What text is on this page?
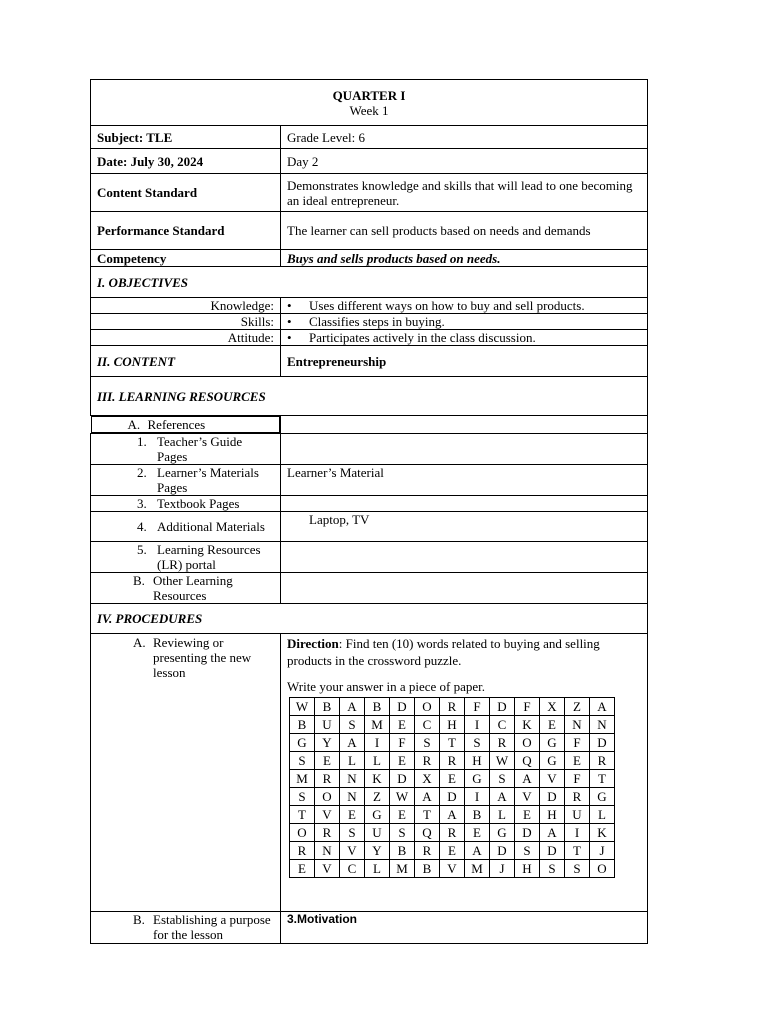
QUARTER I
Week 1

Subject: TLE	Grade Level: 6
Date: July 30, 2024	Day 2
Content Standard	Demonstrates knowledge and skills that will lead to one becoming an ideal entrepreneur.
Performance Standard	The learner can sell products based on needs and demands
Competency	Buys and sells products based on needs.
I. OBJECTIVES
Knowledge:	•Uses different ways on how to buy and sell products.
Skills:	•Classifies steps in buying.
Attitude:	•Participates actively in the class discussion.
II. CONTENT	Entrepreneurship
III. LEARNING RESOURCES

A. References

1. Teacher’s Guide Pages

2. Learner’s Materials Pages
	Learner’s Material

3. Textbook Pages

4. Additional Materials	Laptop, TV

5. Learning Resources (LR) portal

B. Other Learning Resources

IV. PROCEDURES

A. Reviewing or presenting the new lesson

Direction: Find ten (10) words related to buying and selling products in the crossword puzzle.
Write your answer in a piece of paper.
W	B	A	B	D	O	R	F	D	F	X	Z	A
B	U	S	M	E	C	H	I	C	K	E	N	N
G	Y	A	I	F	S	T	S	R	O	G	F	D
S	E	L	L	E	R	R	H	W	Q	G	E	R
M	R	N	K	D	X	E	G	S	A	V	F	T
S	O	N	Z	W	A	D	I	A	V	D	R	G
T	V	E	G	E	T	A	B	L	E	H	U	L
O	R	S	U	S	Q	R	E	G	D	A	I	K
R	N	V	Y	B	R	E	A	D	S	D	T	J
E	V	C	L	M	B	V	M	J	H	S	S	O

B. Establishing a purpose for the lesson
	3.Motivation
